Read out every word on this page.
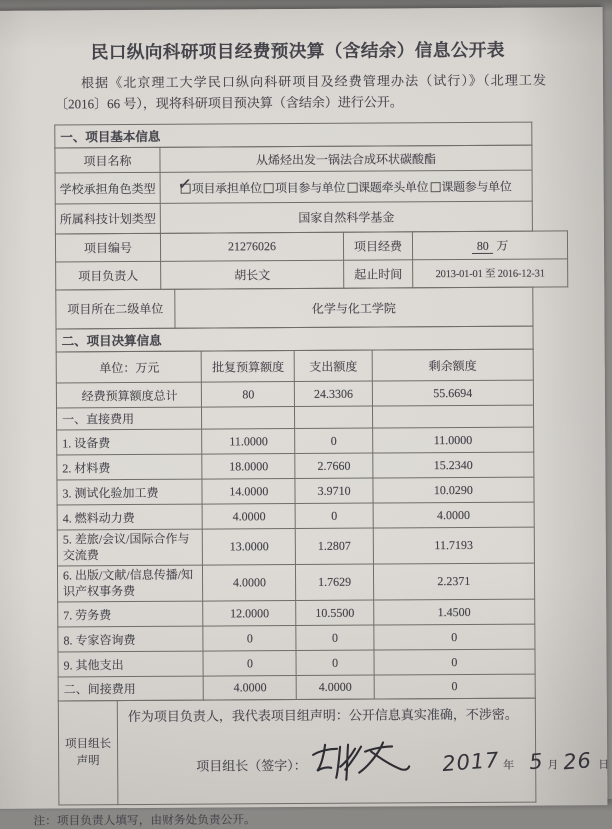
民口纵向科研项目经费预决算（含结余）信息公开表
根据《北京理工大学民口纵向科研项目及经费管理办法（试行）》（北理工发〔2016〕66 号），现将科研项目预决算（含结余）进行公开。
一、项目基本信息
项目名称	从烯烃出发一锅法合成环状碳酸酯
学校承担角色类型	✓ 项目承担单位 项目参与单位 课题牵头单位 课题参与单位
所属科技计划类型	国家自然科学基金
项目编号	21276026	项目经费	80 万
项目负责人	胡长文	起止时间	2013-01-01 至 2016-12-31
项目所在二级单位	化学与化工学院
二、项目决算信息
单位：万元	批复预算额度	支出额度	剩余额度
经费预算额度总计	80	24.3306	55.6694
一、直接费用			
1. 设备费	11.0000	0	11.0000
2. 材料费	18.0000	2.7660	15.2340
3. 测试化验加工费	14.0000	3.9710	10.0290
4. 燃料动力费	4.0000	0	4.0000
5. 差旅/会议/国际合作与交流费	13.0000	1.2807	11.7193
6. 出版/文献/信息传播/知识产权事务费	4.0000	1.7629	2.2371
7. 劳务费	12.0000	10.5500	1.4500
8. 专家咨询费	0	0	0
9. 其他支出	0	0	0
二、间接费用	4.0000	4.0000	0
项目组长
声明	
作为项目负责人，我代表项目组声明：公开信息真实准确，不涉密。
项目组长（签字）：	2017 年 5 月 26 日
注：项目负责人填写，由财务处负责公开。
